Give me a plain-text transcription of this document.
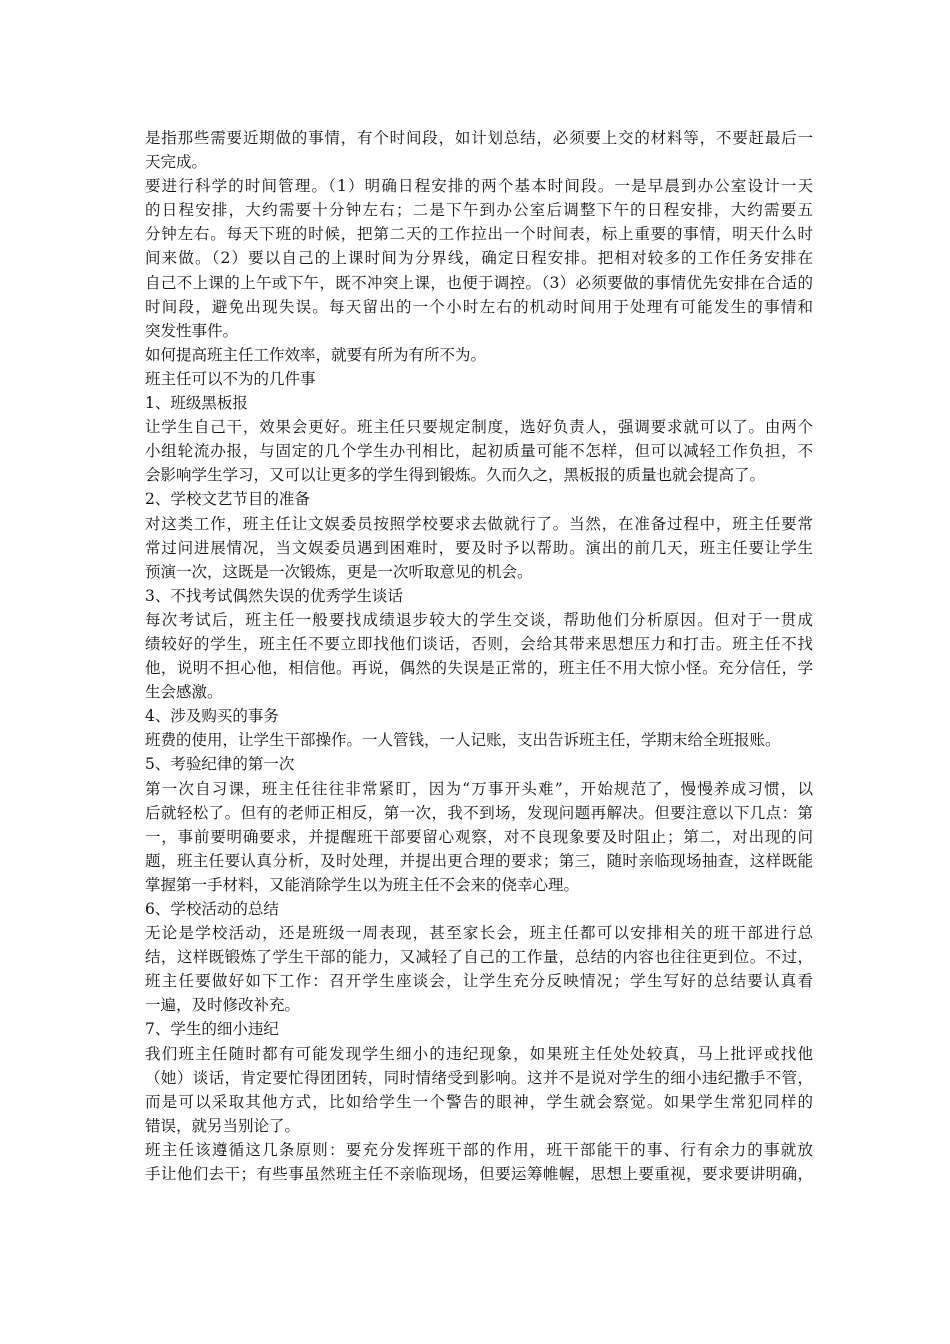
是指那些需要近期做的事情，有个时间段，如计划总结，必须要上交的材料等，不要赶最后一
天完成。
要进行科学的时间管理。（1）明确日程安排的两个基本时间段。一是早晨到办公室设计一天
的日程安排，大约需要十分钟左右；二是下午到办公室后调整下午的日程安排，大约需要五
分钟左右。每天下班的时候，把第二天的工作拉出一个时间表，标上重要的事情，明天什么时
间来做。（2）要以自己的上课时间为分界线，确定日程安排。把相对较多的工作任务安排在
自己不上课的上午或下午，既不冲突上课，也便于调控。（3）必须要做的事情优先安排在合适的
时间段，避免出现失误。每天留出的一个小时左右的机动时间用于处理有可能发生的事情和
突发性事件。
如何提高班主任工作效率，就要有所为有所不为。
班主任可以不为的几件事
1、班级黑板报
让学生自己干，效果会更好。班主任只要规定制度，选好负责人，强调要求就可以了。由两个
小组轮流办报，与固定的几个学生办刊相比，起初质量可能不怎样，但可以减轻工作负担，不
会影响学生学习，又可以让更多的学生得到锻炼。久而久之，黑板报的质量也就会提高了。
2、学校文艺节目的准备
对这类工作，班主任让文娱委员按照学校要求去做就行了。当然，在准备过程中，班主任要常
常过问进展情况，当文娱委员遇到困难时，要及时予以帮助。演出的前几天，班主任要让学生
预演一次，这既是一次锻炼，更是一次听取意见的机会。
3、不找考试偶然失误的优秀学生谈话
每次考试后，班主任一般要找成绩退步较大的学生交谈，帮助他们分析原因。但对于一贯成
绩较好的学生，班主任不要立即找他们谈话，否则，会给其带来思想压力和打击。班主任不找
他，说明不担心他，相信他。再说，偶然的失误是正常的，班主任不用大惊小怪。充分信任，学
生会感激。
4、涉及购买的事务
班费的使用，让学生干部操作。一人管钱，一人记账，支出告诉班主任，学期末给全班报账。
5、考验纪律的第一次
第一次自习课，班主任往往非常紧盯，因为“万事开头难”，开始规范了，慢慢养成习惯，以
后就轻松了。但有的老师正相反，第一次，我不到场，发现问题再解决。但要注意以下几点：第
一，事前要明确要求，并提醒班干部要留心观察，对不良现象要及时阻止；第二，对出现的问
题，班主任要认真分析，及时处理，并提出更合理的要求；第三，随时亲临现场抽查，这样既能
掌握第一手材料，又能消除学生以为班主任不会来的侥幸心理。
6、学校活动的总结
无论是学校活动，还是班级一周表现，甚至家长会，班主任都可以安排相关的班干部进行总
结，这样既锻炼了学生干部的能力，又减轻了自己的工作量，总结的内容也往往更到位。不过，
班主任要做好如下工作：召开学生座谈会，让学生充分反映情况；学生写好的总结要认真看
一遍，及时修改补充。
7、学生的细小违纪
我们班主任随时都有可能发现学生细小的违纪现象，如果班主任处处较真，马上批评或找他
（她）谈话，肯定要忙得团团转，同时情绪受到影响。这并不是说对学生的细小违纪撒手不管，
而是可以采取其他方式，比如给学生一个警告的眼神，学生就会察觉。如果学生常犯同样的
错误，就另当别论了。
班主任该遵循这几条原则：要充分发挥班干部的作用，班干部能干的事、行有余力的事就放
手让他们去干；有些事虽然班主任不亲临现场，但要运筹帷幄，思想上要重视，要求要讲明确，
